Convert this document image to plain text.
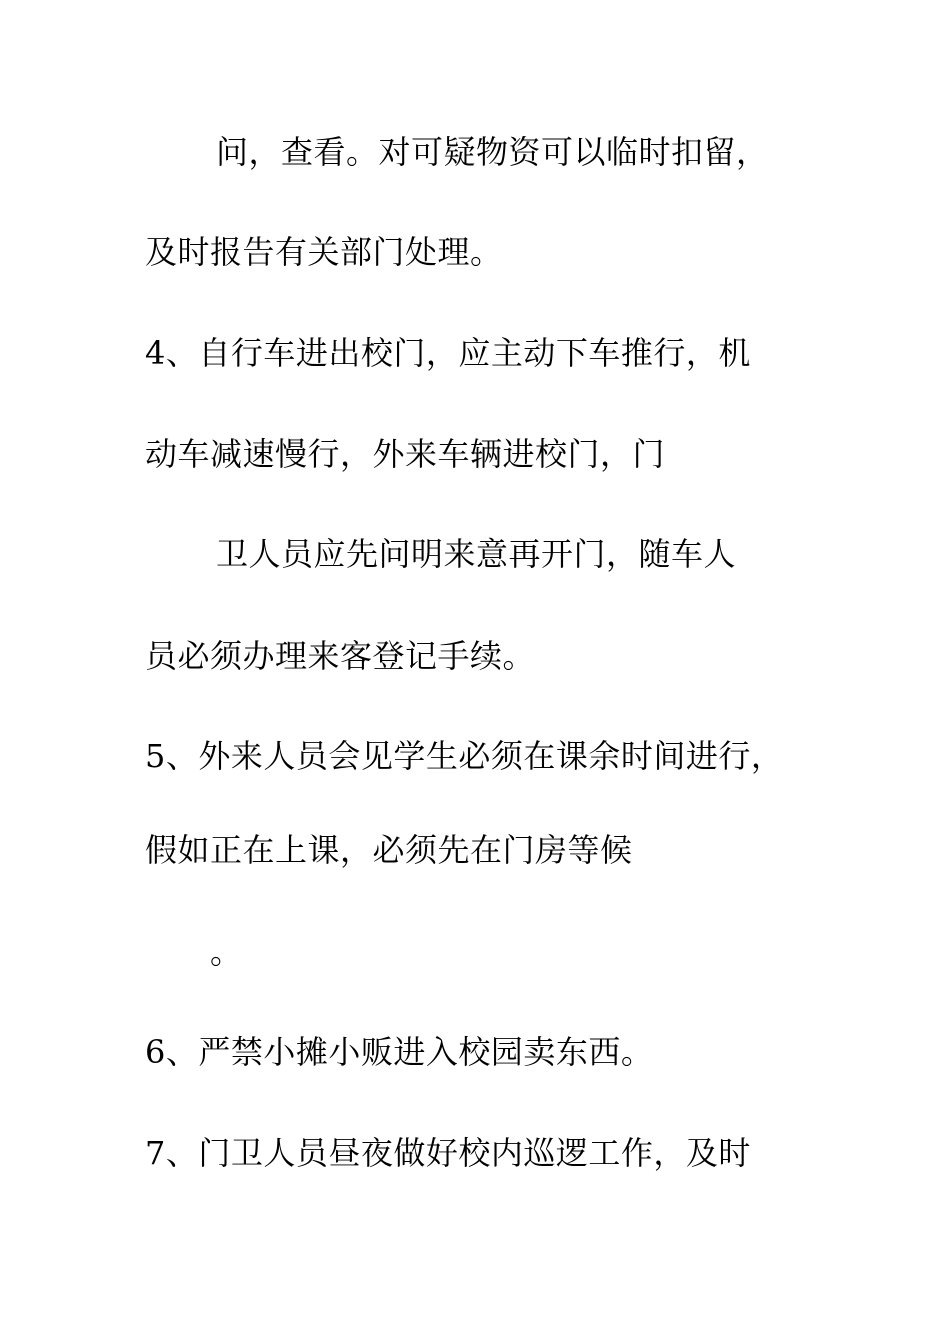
问，查看。对可疑物资可以临时扣留，
及时报告有关部门处理。
4、自行车进出校门，应主动下车推行，机
动车减速慢行，外来车辆进校门，门
卫人员应先问明来意再开门，随车人
员必须办理来客登记手续。
5、外来人员会见学生必须在课余时间进行，
假如正在上课，必须先在门房等候
。
6、严禁小摊小贩进入校园卖东西。
7、门卫人员昼夜做好校内巡逻工作，及时
